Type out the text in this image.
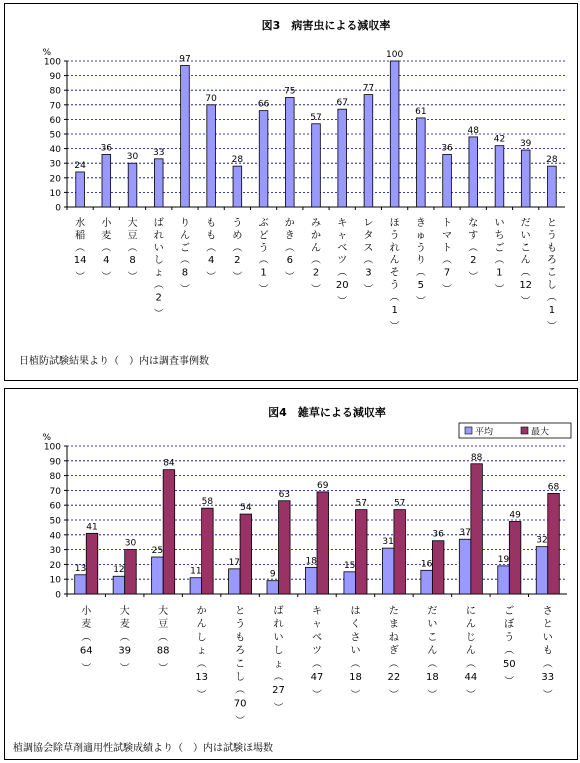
図3　病害虫による減収率
%
0
10
20
30
40
50
60
70
80
90
100
24
水
稲
︵
14
︶
36
小
麦
︵
4
︶
30
大
豆
︵
8
︶
33
ば
れ
い
し
ょ
︵
2
︶
97
り
ん
ご
︵
8
︶
70
も
も
︵
4
︶
28
う
め
︵
2
︶
66
ぶ
ど
う
︵
1
︶
75
か
き
︵
6
︶
57
み
か
ん
︵
2
︶
67
キ
ャ
ベ
ツ
︵
20
︶
77
レ
タ
ス
︵
3
︶
100
ほ
う
れ
ん
そ
う
︵
1
︶
61
き
ゅ
う
り
︵
5
︶
36
ト
マ
ト
︵
7
︶
48
な
す
︵
2
︶
42
い
ち
ご
︵
1
︶
39
だ
い
こ
ん
︵
12
︶
28
と
う
も
ろ
こ
し
︵
1
︶
日植防試験結果より（　）内は調査事例数
図4　雑草による減収率
%
0
10
20
30
40
50
60
70
80
90
100
13
41
小
麦
︵
64
︶
12
30
大
麦
︵
39
︶
25
84
大
豆
︵
88
︶
11
58
か
ん
し
ょ
︵
13
︶
17
54
と
う
も
ろ
こ
し
︵
70
︶
9
63
ば
れ
い
し
ょ
︵
27
︶
18
69
キ
ャ
ベ
ツ
︵
47
︶
15
57
は
く
さ
い
︵
18
︶
31
57
た
ま
ね
ぎ
︵
22
︶
16
36
だ
い
こ
ん
︵
18
︶
37
88
に
ん
じ
ん
︵
44
︶
19
49
ご
ぼ
う
︵
50
︶
32
68
さ
と
い
も
︵
33
︶
平均	最大
植調協会除草剤適用性試験成績より（　）内は試験ほ場数
